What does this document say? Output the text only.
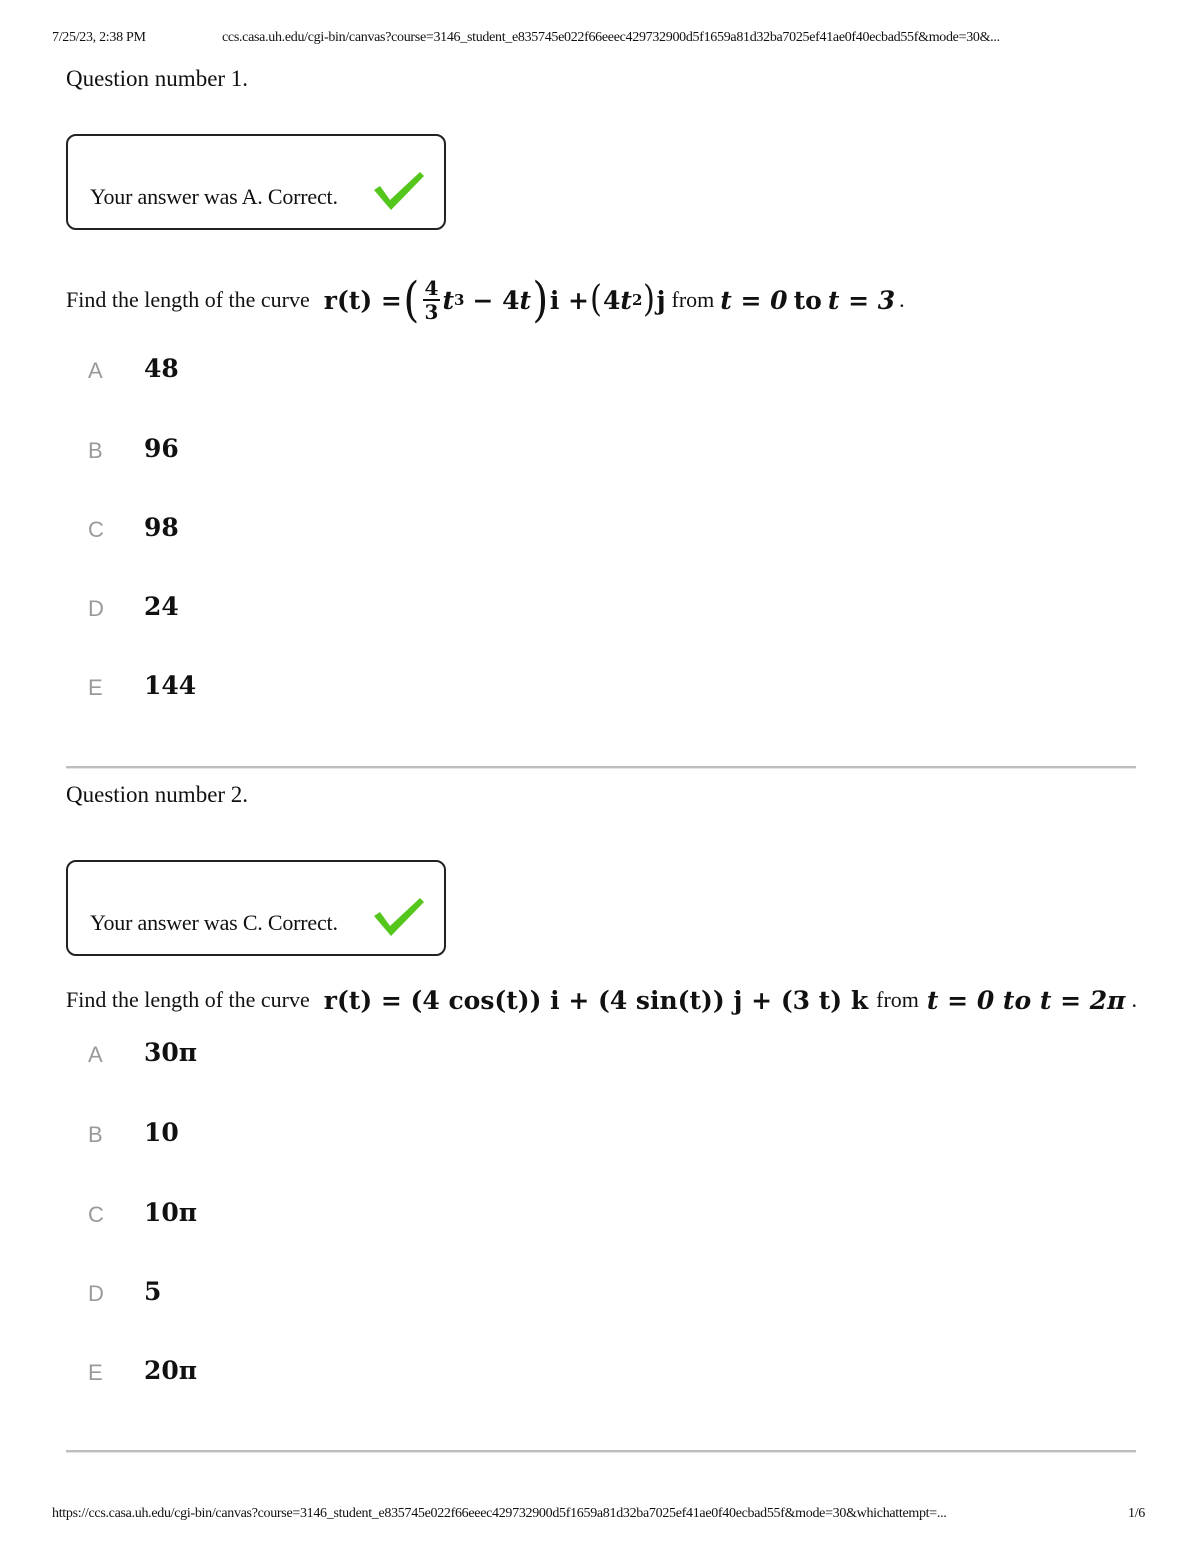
7/25/23, 2:38 PM	ccs.casa.uh.edu/cgi-bin/canvas?course=3146_student_e835745e022f66eeec429732900d5f1659a81d32ba7025ef41ae0f40ecbad55f&mode=30&...
Question number 1.
Your answer was A. Correct.
Find the length of the curve r(t) = ( $\frac{4}{3}$ t 3 − 4 t ) i + ( 4 t 2 ) j from t = 0 to t = 3 .
A 48
B 96
C 98
D 24
E 144
Question number 2.
Your answer was C. Correct.
Find the length of the curve r(t) = (4 cos(t)) i + (4 sin(t)) j + (3 t) k from t = 0 to t = 2π .
A 30π
B 10
C 10π
D 5
E 20π
https://ccs.casa.uh.edu/cgi-bin/canvas?course=3146_student_e835745e022f66eeec429732900d5f1659a81d32ba7025ef41ae0f40ecbad55f&mode=30&whichattempt=...	1/6
